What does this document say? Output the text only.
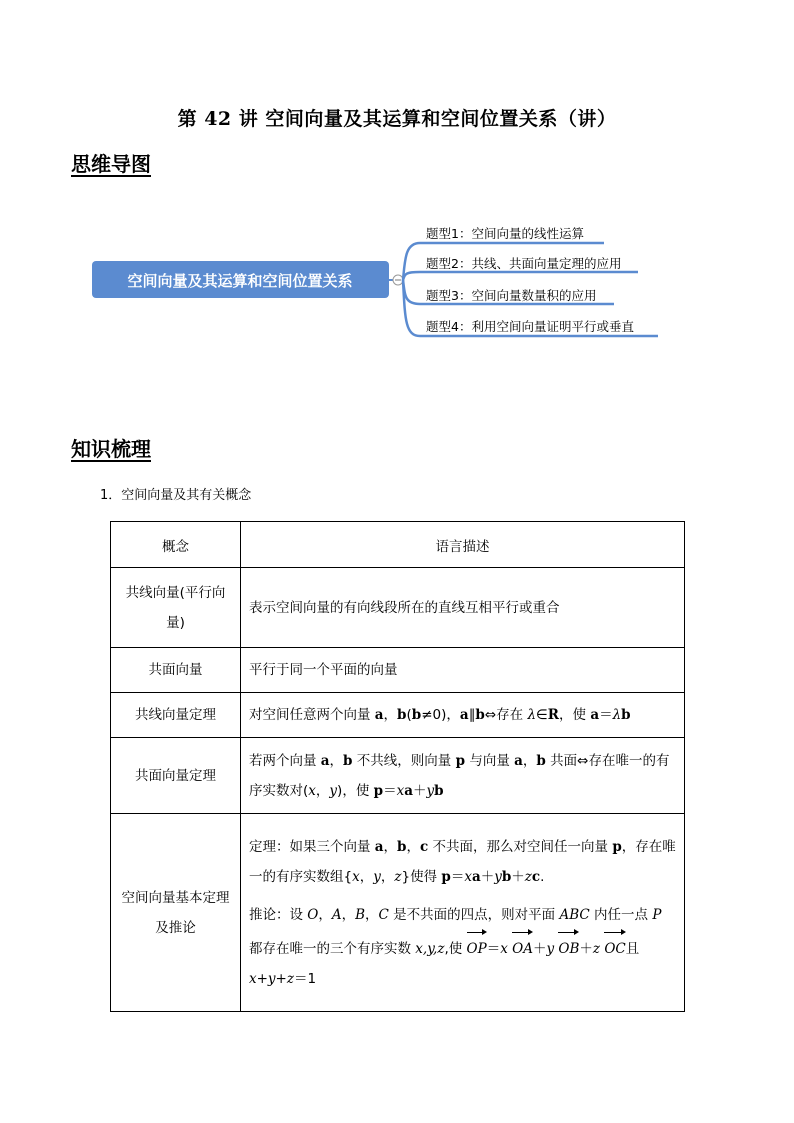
第 42 讲 空间向量及其运算和空间位置关系（讲）
思维导图
空间向量及其运算和空间位置关系
题型1：空间向量的线性运算
题型2：共线、共面向量定理的应用
题型3：空间向量数量积的应用
题型4：利用空间向量证明平行或垂直
知识梳理
1．空间向量及其有关概念
概念	语言描述
共线向量(平行向量)	表示空间向量的有向线段所在的直线互相平行或重合
共面向量	平行于同一个平面的向量
共线向量定理	对空间任意两个向量 a，b(b≠0)，a∥b⇔存在 λ∈R，使 a＝λb
共面向量定理	若两个向量 a，b 不共线，则向量 p 与向量 a，b 共面⇔存在唯一的有序实数对(x，y)，使 p＝xa＋yb
空间向量基本定理及推论	定理：如果三个向量 a，b，c 不共面，那么对空间任一向量 p，存在唯一的有序实数组{x，y，z}使得 p＝xa＋yb＋zc.
推论：设 O，A，B，C 是不共面的四点，则对平面 ABC 内任一点 P 都存在唯一的三个有序实数 x,y,z,使 OP＝x OA＋y OB＋z OC且 x+y+z＝1
